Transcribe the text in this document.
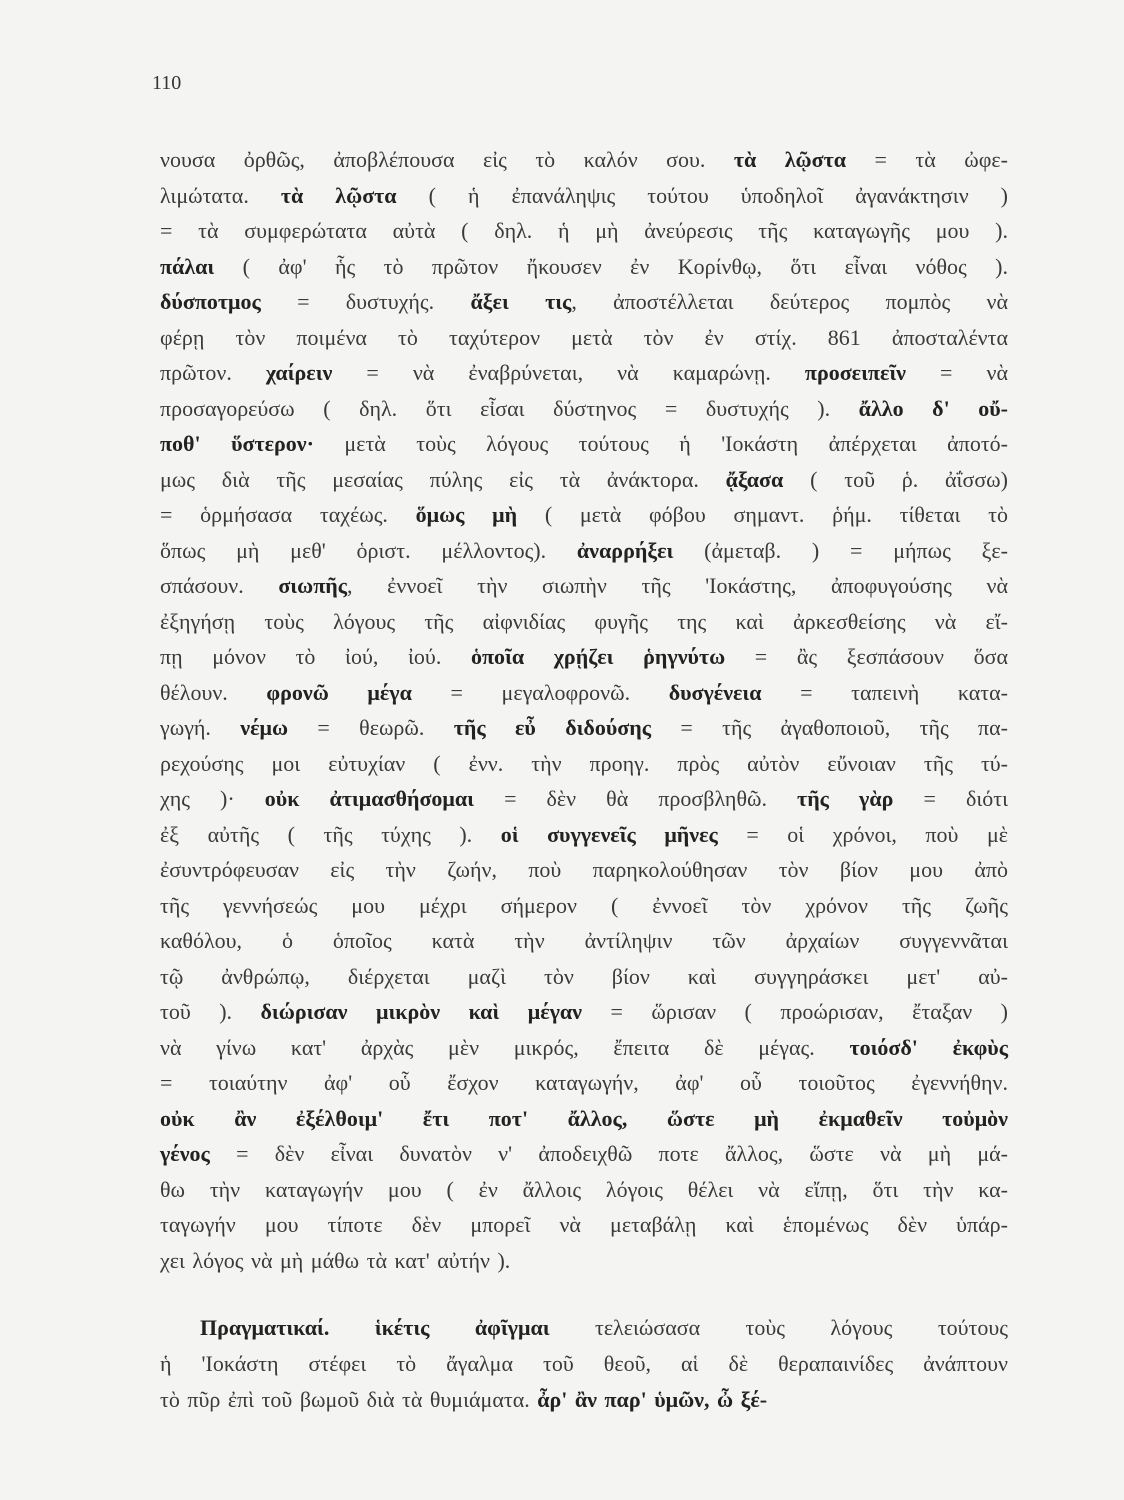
110
νουσα ὀρθῶς, ἀποβλέπουσα εἰς τὸ καλόν σου. τὰ λῷστα = τὰ ὠφε-
λιμώτατα. τὰ λῷστα ( ἡ ἐπανάληψις τούτου ὑποδηλοῖ ἀγανάκτησιν )
= τὰ συμφερώτατα αὐτὰ ( δηλ. ἡ μὴ ἀνεύρεσις τῆς καταγωγῆς μου ).
πάλαι ( ἀφ' ἧς τὸ πρῶτον ἤκουσεν ἐν Κορίνθῳ, ὅτι εἶναι νόθος ).
δύσποτμος = δυστυχής. ἄξει τις, ἀποστέλλεται δεύτερος πομπὸς νὰ
φέρῃ τὸν ποιμένα τὸ ταχύτερον μετὰ τὸν ἐν στίχ. 861 ἀποσταλέντα
πρῶτον. χαίρειν = νὰ ἐναβρύνεται, νὰ καμαρώνῃ. προσειπεῖν = νὰ
προσαγορεύσω ( δηλ. ὅτι εἶσαι δύστηνος = δυστυχής ). ἄλλο δ' οὔ-
ποθ' ὕστερον· μετὰ τοὺς λόγους τούτους ἡ 'Ιοκάστη ἀπέρχεται ἀποτό-
μως διὰ τῆς μεσαίας πύλης εἰς τὰ ἀνάκτορα. ᾄξασα ( τοῦ ῥ. ἀΐσσω)
= ὁρμήσασα ταχέως. ὅμως μὴ ( μετὰ φόβου σημαντ. ῥήμ. τίθεται τὸ
ὅπως μὴ μεθ' ὁριστ. μέλλοντος). ἀναρρήξει (ἀμεταβ. ) = μήπως ξε-
σπάσουν. σιωπῆς, ἐννοεῖ τὴν σιωπὴν τῆς 'Ιοκάστης, ἀποφυγούσης νὰ
ἐξηγήσῃ τοὺς λόγους τῆς αἰφνιδίας φυγῆς της καὶ ἀρκεσθείσης νὰ εἴ-
πῃ μόνον τὸ ἰού, ἰού. ὁποῖα χρῄζει ῥηγνύτω = ἂς ξεσπάσουν ὅσα
θέλουν. φρονῶ μέγα = μεγαλοφρονῶ. δυσγένεια = ταπεινὴ κατα-
γωγή. νέμω = θεωρῶ. τῆς εὖ διδούσης = τῆς ἀγαθοποιοῦ, τῆς πα-
ρεχούσης μοι εὐτυχίαν ( ἐνν. τὴν προηγ. πρὸς αὐτὸν εὔνοιαν τῆς τύ-
χης )· οὐκ ἀτιμασθήσομαι = δὲν θὰ προσβληθῶ. τῆς γὰρ = διότι
ἐξ αὐτῆς ( τῆς τύχης ). οἱ συγγενεῖς μῆνες = οἱ χρόνοι, ποὺ μὲ
ἐσυντρόφευσαν εἰς τὴν ζωήν, ποὺ παρηκολούθησαν τὸν βίον μου ἀπὸ
τῆς γεννήσεώς μου μέχρι σήμερον ( ἐννοεῖ τὸν χρόνον τῆς ζωῆς
καθόλου, ὁ ὁποῖος κατὰ τὴν ἀντίληψιν τῶν ἀρχαίων συγγεννᾶται
τῷ ἀνθρώπῳ, διέρχεται μαζὶ τὸν βίον καὶ συγγηράσκει μετ' αὐ-
τοῦ ). διώρισαν μικρὸν καὶ μέγαν = ὥρισαν ( προώρισαν, ἔταξαν )
νὰ γίνω κατ' ἀρχὰς μὲν μικρός, ἔπειτα δὲ μέγας. τοιόσδ' ἐκφὺς
= τοιαύτην ἀφ' οὗ ἔσχον καταγωγήν, ἀφ' οὗ τοιοῦτος ἐγεννήθην.
οὐκ ἂν ἐξέλθοιμ' ἔτι ποτ' ἄλλος, ὥστε μὴ ἐκμαθεῖν τοὐμὸν
γένος = δὲν εἶναι δυνατὸν ν' ἀποδειχθῶ ποτε ἄλλος, ὥστε νὰ μὴ μά-
θω τὴν καταγωγήν μου ( ἐν ἄλλοις λόγοις θέλει νὰ εἴπῃ, ὅτι τὴν κα-
ταγωγήν μου τίποτε δὲν μπορεῖ νὰ μεταβάλῃ καὶ ἑπομένως δὲν ὑπάρ-
χει λόγος νὰ μὴ μάθω τὰ κατ' αὐτήν ).
Πραγματικαί. ἱκέτις ἀφῖγμαι τελειώσασα τοὺς λόγους τούτους
ἡ 'Ιοκάστη στέφει τὸ ἄγαλμα τοῦ θεοῦ, αἱ δὲ θεραπαινίδες ἀνάπτουν
τὸ πῦρ ἐπὶ τοῦ βωμοῦ διὰ τὰ θυμιάματα. ἆρ' ἂν παρ' ὑμῶν, ὦ ξέ-
